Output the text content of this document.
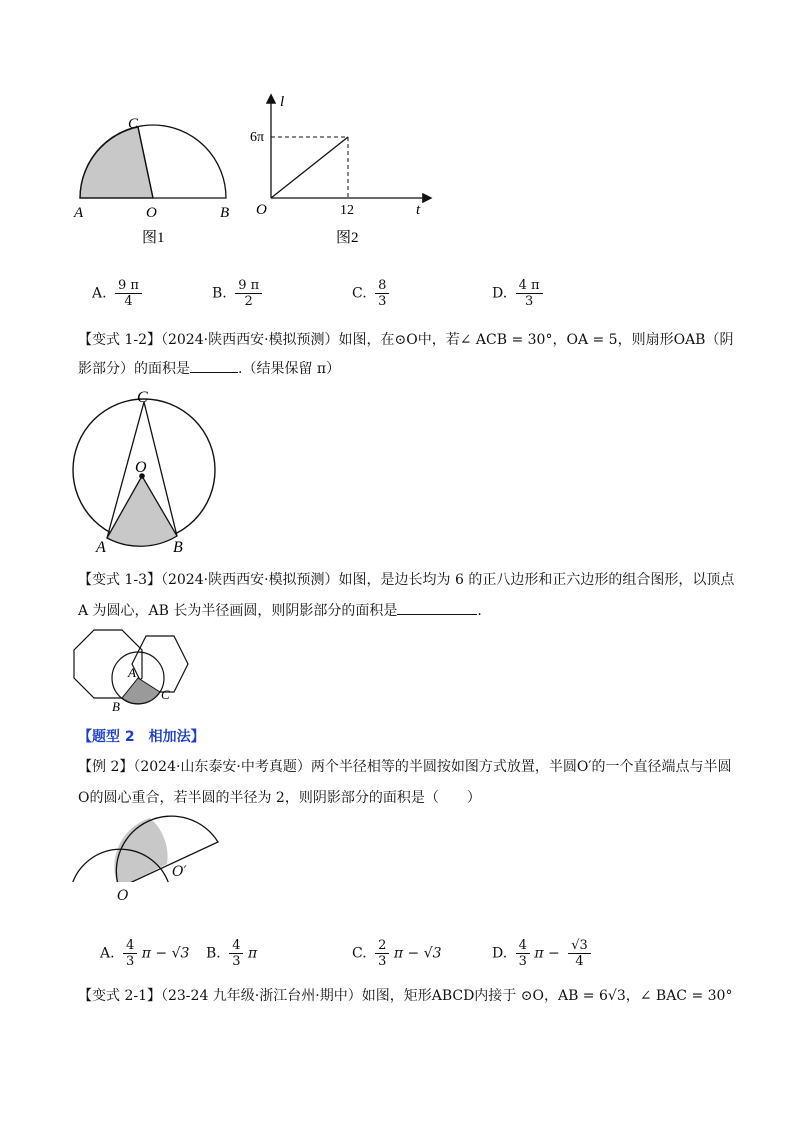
C
A	O	B
图1
l
6π
O	12	t
图2
A. $\frac{9 \pi}{4}$	B. $\frac{9 \pi}{2}$	C. $\frac{8}{3}$	D. $\frac{4 \pi}{3}$
【变式 1-2】（2024·陕西西安·模拟预测）如图，在⊙O中，若∠ ACB = 30°，OA = 5，则扇形OAB（阴
影部分）的面积是	.（结果保留 π）
C
O
A	B
【变式 1-3】（2024·陕西西安·模拟预测）如图，是边长均为 6 的正八边形和正六边形的组合图形，以顶点
A 为圆心，AB 长为半径画圆，则阴影部分的面积是	.
A
B
C
【题型 2　相加法】
【例 2】（2024·山东泰安·中考真题）两个半径相等的半圆按如图方式放置，半圆O′的一个直径端点与半圆
O的圆心重合，若半圆的半径为 2，则阴影部分的面积是（　　）
O
O′
A. $\frac{4}{3}$ π − √3 B. $\frac{4}{3}$ π	C. $\frac{2}{3}$ π − √3	D. $\frac{4}{3}$ $\pi - \frac{√3}{4}$
【变式 2-1】（23-24 九年级·浙江台州·期中）如图，矩形ABCD内接于 ⊙O，AB = 6√3，∠ BAC = 30°
